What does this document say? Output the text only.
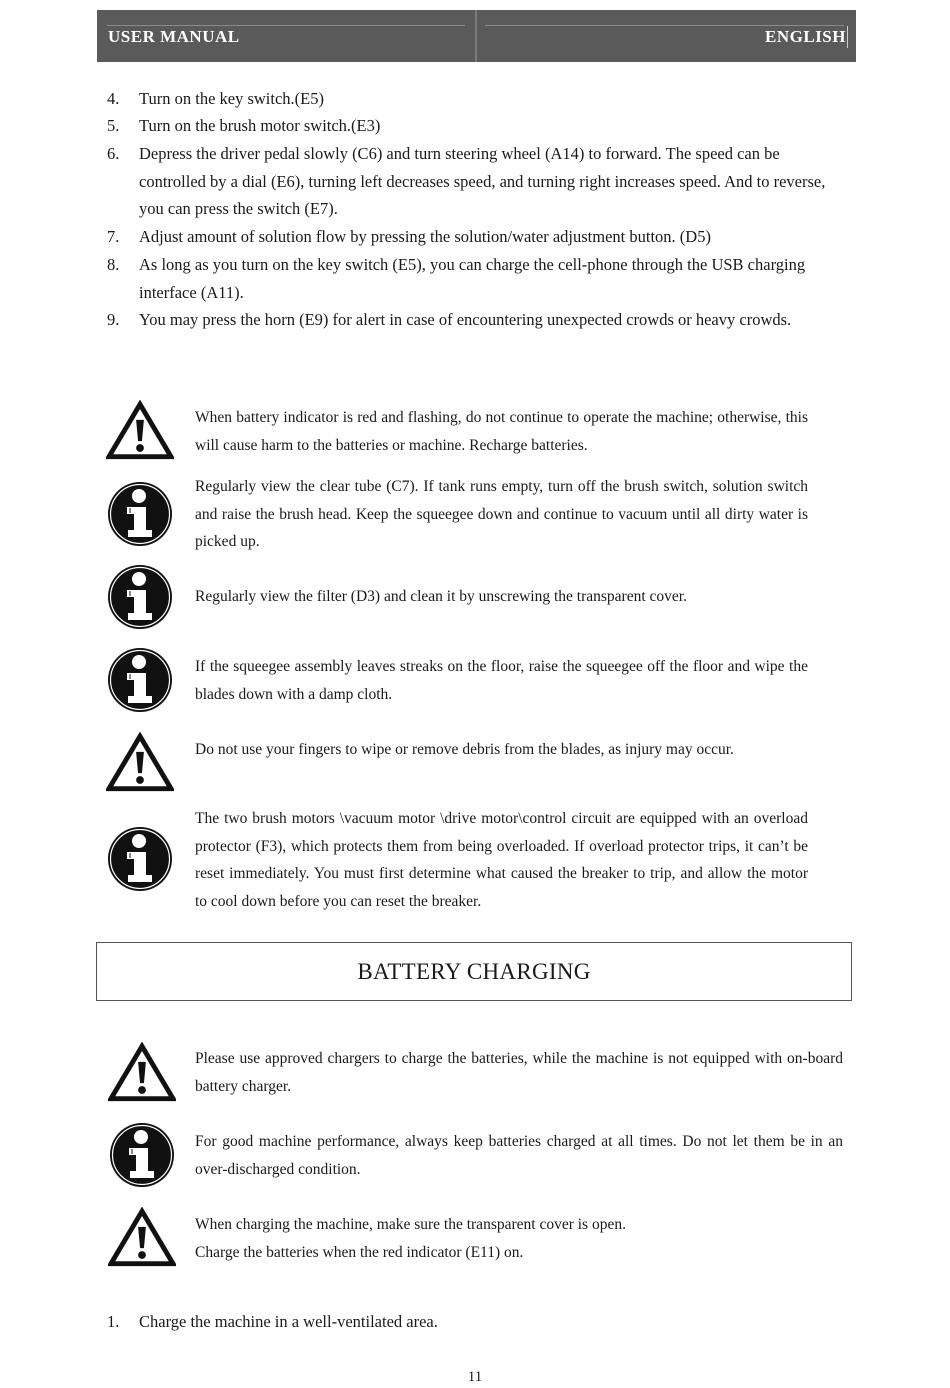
USER MANUAL	ENGLISH
4. Turn on the key switch.(E5)
5. Turn on the brush motor switch.(E3)
6. Depress the driver pedal slowly (C6) and turn steering wheel (A14) to forward. The speed can be controlled by a dial (E6), turning left decreases speed, and turning right increases speed. And to reverse, you can press the switch (E7).
7. Adjust amount of solution flow by pressing the solution/water adjustment button. (D5)
8. As long as you turn on the key switch (E5), you can charge the cell-phone through the USB charging interface (A11).
9. You may press the horn (E9) for alert in case of encountering unexpected crowds or heavy crowds.
When battery indicator is red and flashing, do not continue to operate the machine; otherwise, this will cause harm to the batteries or machine. Recharge batteries.
Regularly view the clear tube (C7). If tank runs empty, turn off the brush switch, solution switch and raise the brush head. Keep the squeegee down and continue to vacuum until all dirty water is picked up.
Regularly view the filter (D3) and clean it by unscrewing the transparent cover.
If the squeegee assembly leaves streaks on the floor, raise the squeegee off the floor and wipe the blades down with a damp cloth.
Do not use your fingers to wipe or remove debris from the blades, as injury may occur.
The two brush motors \vacuum motor \drive motor\control circuit are equipped with an overload protector (F3), which protects them from being overloaded. If overload protector trips, it can’t be reset immediately. You must first determine what caused the breaker to trip, and allow the motor to cool down before you can reset the breaker.
BATTERY CHARGING
Please use approved chargers to charge the batteries, while the machine is not equipped with on-board battery charger.
For good machine performance, always keep batteries charged at all times. Do not let them be in an over-discharged condition.
When charging the machine, make sure the transparent cover is open.
Charge the batteries when the red indicator (E11) on.
1. Charge the machine in a well-ventilated area.
11
